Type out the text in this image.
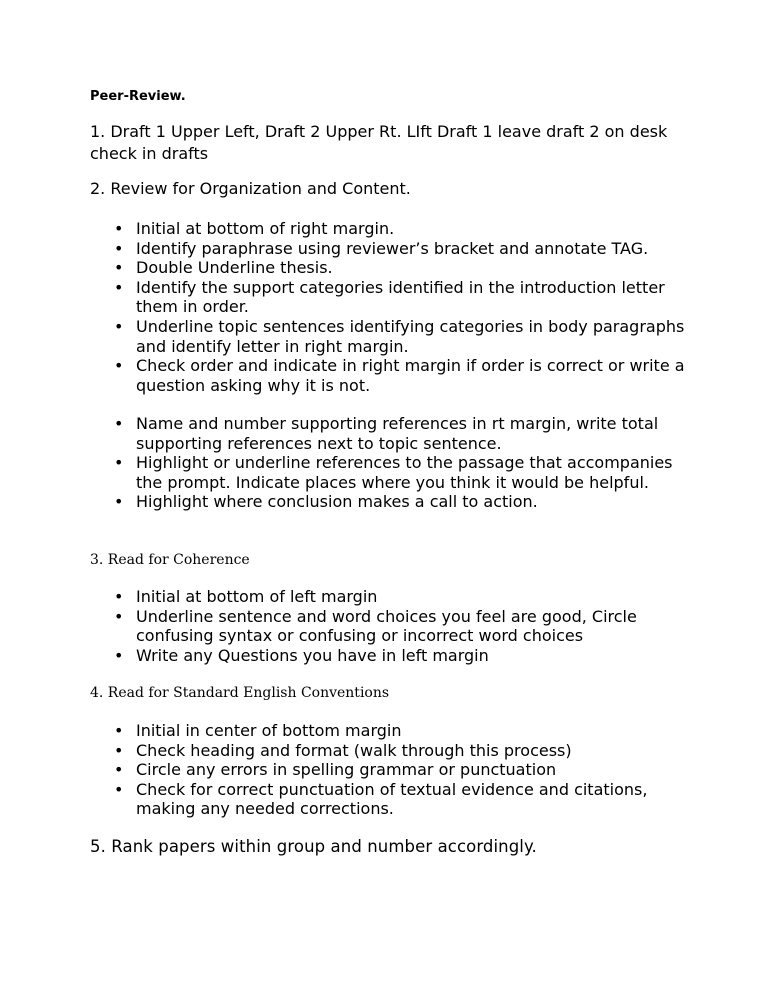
Peer-Review.

1. Draft 1 Upper Left, Draft 2 Upper Rt. LIft Draft 1 leave draft 2 on desk check in drafts

2. Review for Organization and Content.

• Initial at bottom of right margin.
• Identify paraphrase using reviewer’s bracket and annotate TAG.
• Double Underline thesis.
• Identify the support categories identified in the introduction letter them in order.
• Underline topic sentences identifying categories in body paragraphs and identify letter in right margin.
• Check order and indicate in right margin if order is correct or write a question asking why it is not.
• Name and number supporting references in rt margin, write total supporting references next to topic sentence.
• Highlight or underline references to the passage that accompanies the prompt. Indicate places where you think it would be helpful.
• Highlight where conclusion makes a call to action.

3. Read for Coherence

• Initial at bottom of left margin
• Underline sentence and word choices you feel are good, Circle confusing syntax or confusing or incorrect word choices
• Write any Questions you have in left margin

4. Read for Standard English Conventions

• Initial in center of bottom margin
• Check heading and format (walk through this process)
• Circle any errors in spelling grammar or punctuation
• Check for correct punctuation of textual evidence and citations, making any needed corrections.

5. Rank papers within group and number accordingly.
